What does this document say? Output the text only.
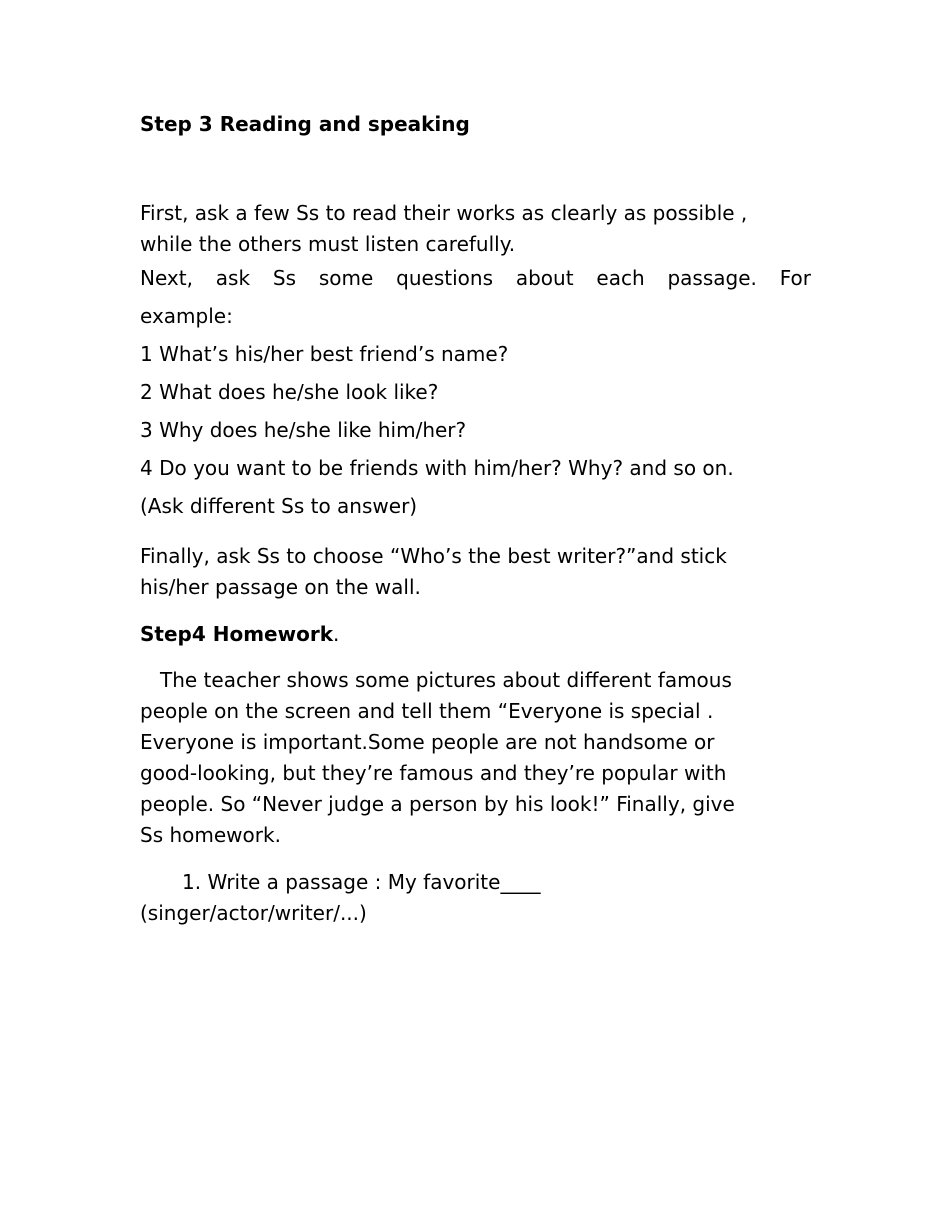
Step 3 Reading and speaking
First, ask a few Ss to read their works as clearly as possible ,
while the others must listen carefully.
Next, ask Ss some questions about each passage. For
example:
1 What’s his/her best friend’s name?
2 What does he/she look like?
3 Why does he/she like him/her?
4 Do you want to be friends with him/her? Why? and so on.
(Ask different Ss to answer)
Finally, ask Ss to choose “Who’s the best writer?”and stick
his/her passage on the wall.
Step4 Homework.
The teacher shows some pictures about different famous
people on the screen and tell them “Everyone is special .
Everyone is important.Some people are not handsome or
good-looking, but they’re famous and they’re popular with
people. So “Never judge a person by his look!” Finally, give
Ss homework.
1. Write a passage : My favorite____
(singer/actor/writer/...)
